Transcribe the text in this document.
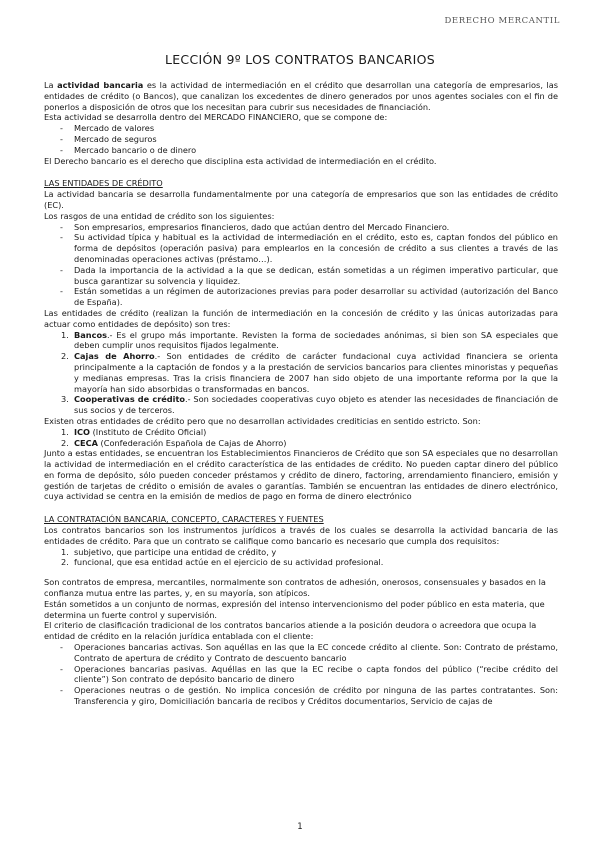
DERECHO MERCANTIL
LECCIÓN 9º LOS CONTRATOS BANCARIOS

La actividad bancaria es la actividad de intermediación en el crédito que desarrollan una categoría de empresarios, las entidades de crédito (o Bancos), que canalizan los excedentes de dinero generados por unos agentes sociales con el fin de ponerlos a disposición de otros que los necesitan para cubrir sus necesidades de financiación.

Esta actividad se desarrolla dentro del MERCADO FINANCIERO, que se compone de:

- Mercado de valores
- Mercado de seguros
- Mercado bancario o de dinero

El Derecho bancario es el derecho que disciplina esta actividad de intermediación en el crédito.

LAS ENTIDADES DE CRÉDITO

La actividad bancaria se desarrolla fundamentalmente por una categoría de empresarios que son las entidades de crédito (EC).

Los rasgos de una entidad de crédito son los siguientes:

- Son empresarios, empresarios financieros, dado que actúan dentro del Mercado Financiero.
- Su actividad típica y habitual es la actividad de intermediación en el crédito, esto es, captan fondos del público en forma de depósitos (operación pasiva) para emplearlos en la concesión de crédito a sus clientes a través de las denominadas operaciones activas (préstamo…).
- Dada la importancia de la actividad a la que se dedican, están sometidas a un régimen imperativo particular, que busca garantizar su solvencia y liquidez.
- Están sometidas a un régimen de autorizaciones previas para poder desarrollar su actividad (autorización del Banco de España).

Las entidades de crédito (realizan la función de intermediación en la concesión de crédito y las únicas autorizadas para actuar como entidades de depósito) son tres:

1. Bancos.- Es el grupo más importante. Revisten la forma de sociedades anónimas, si bien son SA especiales que deben cumplir unos requisitos fijados legalmente.
2. Cajas de Ahorro.- Son entidades de crédito de carácter fundacional cuya actividad financiera se orienta principalmente a la captación de fondos y a la prestación de servicios bancarios para clientes minoristas y pequeñas y medianas empresas. Tras la crisis financiera de 2007 han sido objeto de una importante reforma por la que la mayoría han sido absorbidas o transformadas en bancos.
3. Cooperativas de crédito.- Son sociedades cooperativas cuyo objeto es atender las necesidades de financiación de sus socios y de terceros.

Existen otras entidades de crédito pero que no desarrollan actividades crediticias en sentido estricto. Son:

1. ICO (Instituto de Crédito Oficial)
2. CECA (Confederación Española de Cajas de Ahorro)

Junto a estas entidades, se encuentran los Establecimientos Financieros de Crédito que son SA especiales que no desarrollan la actividad de intermediación en el crédito característica de las entidades de crédito. No pueden captar dinero del público en forma de depósito, sólo pueden conceder préstamos y crédito de dinero, factoring, arrendamiento financiero, emisión y gestión de tarjetas de crédito o emisión de avales o garantías. También se encuentran las entidades de dinero electrónico, cuya actividad se centra en la emisión de medios de pago en forma de dinero electrónico

LA CONTRATACIÓN BANCARIA, CONCEPTO, CARACTERES Y FUENTES

Los contratos bancarios son los instrumentos jurídicos a través de los cuales se desarrolla la actividad bancaria de las entidades de crédito. Para que un contrato se califique como bancario es necesario que cumpla dos requisitos:

1. subjetivo, que participe una entidad de crédito, y
2. funcional, que esa entidad actúe en el ejercicio de su actividad profesional.

Son contratos de empresa, mercantiles, normalmente son contratos de adhesión, onerosos, consensuales y basados en la confianza mutua entre las partes, y, en su mayoría, son atípicos.

Están sometidos a un conjunto de normas, expresión del intenso intervencionismo del poder público en esta materia, que determina un fuerte control y supervisión.

El criterio de clasificación tradicional de los contratos bancarios atiende a la posición deudora o acreedora que ocupa la entidad de crédito en la relación jurídica entablada con el cliente:

- Operaciones bancarias activas. Son aquéllas en las que la EC concede crédito al cliente. Son: Contrato de préstamo, Contrato de apertura de crédito y Contrato de descuento bancario
- Operaciones bancarias pasivas. Aquéllas en las que la EC recibe o capta fondos del público (“recibe crédito del cliente”) Son contrato de depósito bancario de dinero
- Operaciones neutras o de gestión. No implica concesión de crédito por ninguna de las partes contratantes. Son: Transferencia y giro, Domiciliación bancaria de recibos y Créditos documentarios, Servicio de cajas de
1
